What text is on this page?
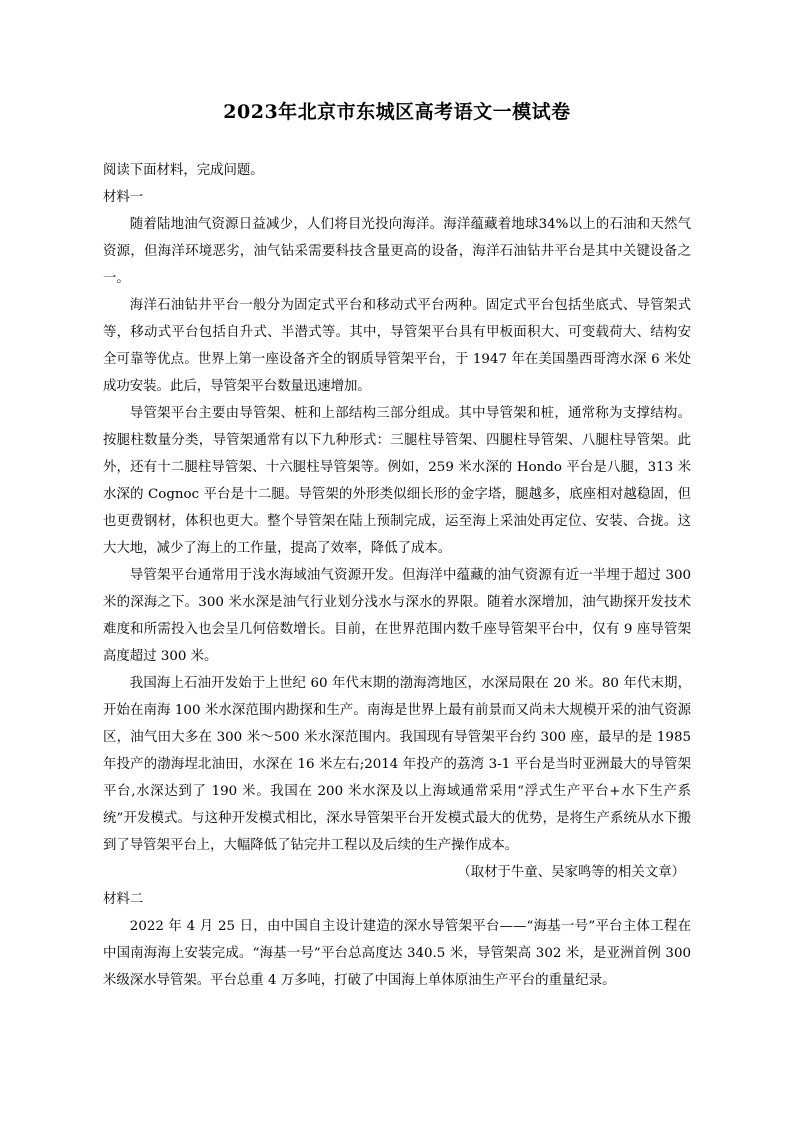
2023年北京市东城区高考语文一模试卷

阅读下面材料，完成问题。

材料一

随着陆地油气资源日益减少，人们将目光投向海洋。海洋蕴藏着地球34%以上的石油和天然气资源，但海洋环境恶劣，油气钻采需要科技含量更高的设备，海洋石油钻井平台是其中关键设备之一。

海洋石油钻井平台一般分为固定式平台和移动式平台两种。固定式平台包括坐底式、导管架式等，移动式平台包括自升式、半潜式等。其中，导管架平台具有甲板面积大、可变载荷大、结构安全可靠等优点。世界上第一座设备齐全的钢质导管架平台，于 1947 年在美国墨西哥湾水深 6 米处成功安装。此后，导管架平台数量迅速增加。

导管架平台主要由导管架、桩和上部结构三部分组成。其中导管架和桩，通常称为支撑结构。按腿柱数量分类，导管架通常有以下九种形式：三腿柱导管架、四腿柱导管架、八腿柱导管架。此外，还有十二腿柱导管架、十六腿柱导管架等。例如，259 米水深的 Hondo 平台是八腿，313 米水深的 Cognoc 平台是十二腿。导管架的外形类似细长形的金字塔，腿越多，底座相对越稳固，但也更费钢材，体积也更大。整个导管架在陆上预制完成，运至海上采油处再定位、安装、合拢。这大大地，减少了海上的工作量，提高了效率，降低了成本。

导管架平台通常用于浅水海域油气资源开发。但海洋中蕴藏的油气资源有近一半埋于超过 300 米的深海之下。300 米水深是油气行业划分浅水与深水的界限。随着水深增加，油气勘探开发技术难度和所需投入也会呈几何倍数增长。目前，在世界范围内数千座导管架平台中，仅有 9 座导管架高度超过 300 米。

我国海上石油开发始于上世纪 60 年代末期的渤海湾地区，水深局限在 20 米。80 年代末期，开始在南海 100 米水深范围内勘探和生产。南海是世界上最有前景而又尚未大规模开采的油气资源区，油气田大多在 300 米～500 米水深范围内。我国现有导管架平台约 300 座，最早的是 1985 年投产的渤海埕北油田，水深在 16 米左右;2014 年投产的荔湾 3-1 平台是当时亚洲最大的导管架平台,水深达到了 190 米。我国在 200 米水深及以上海域通常采用“浮式生产平台+水下生产系统”开发模式。与这种开发模式相比，深水导管架平台开发模式最大的优势，是将生产系统从水下搬到了导管架平台上，大幅降低了钻完井工程以及后续的生产操作成本。

（取材于牛童、吴家鸣等的相关文章）

材料二

2022 年 4 月 25 日，由中国自主设计建造的深水导管架平台——“海基一号”平台主体工程在中国南海海上安装完成。“海基一号”平台总高度达 340.5 米，导管架高 302 米，是亚洲首例 300 米级深水导管架。平台总重 4 万多吨，打破了中国海上单体原油生产平台的重量纪录。
